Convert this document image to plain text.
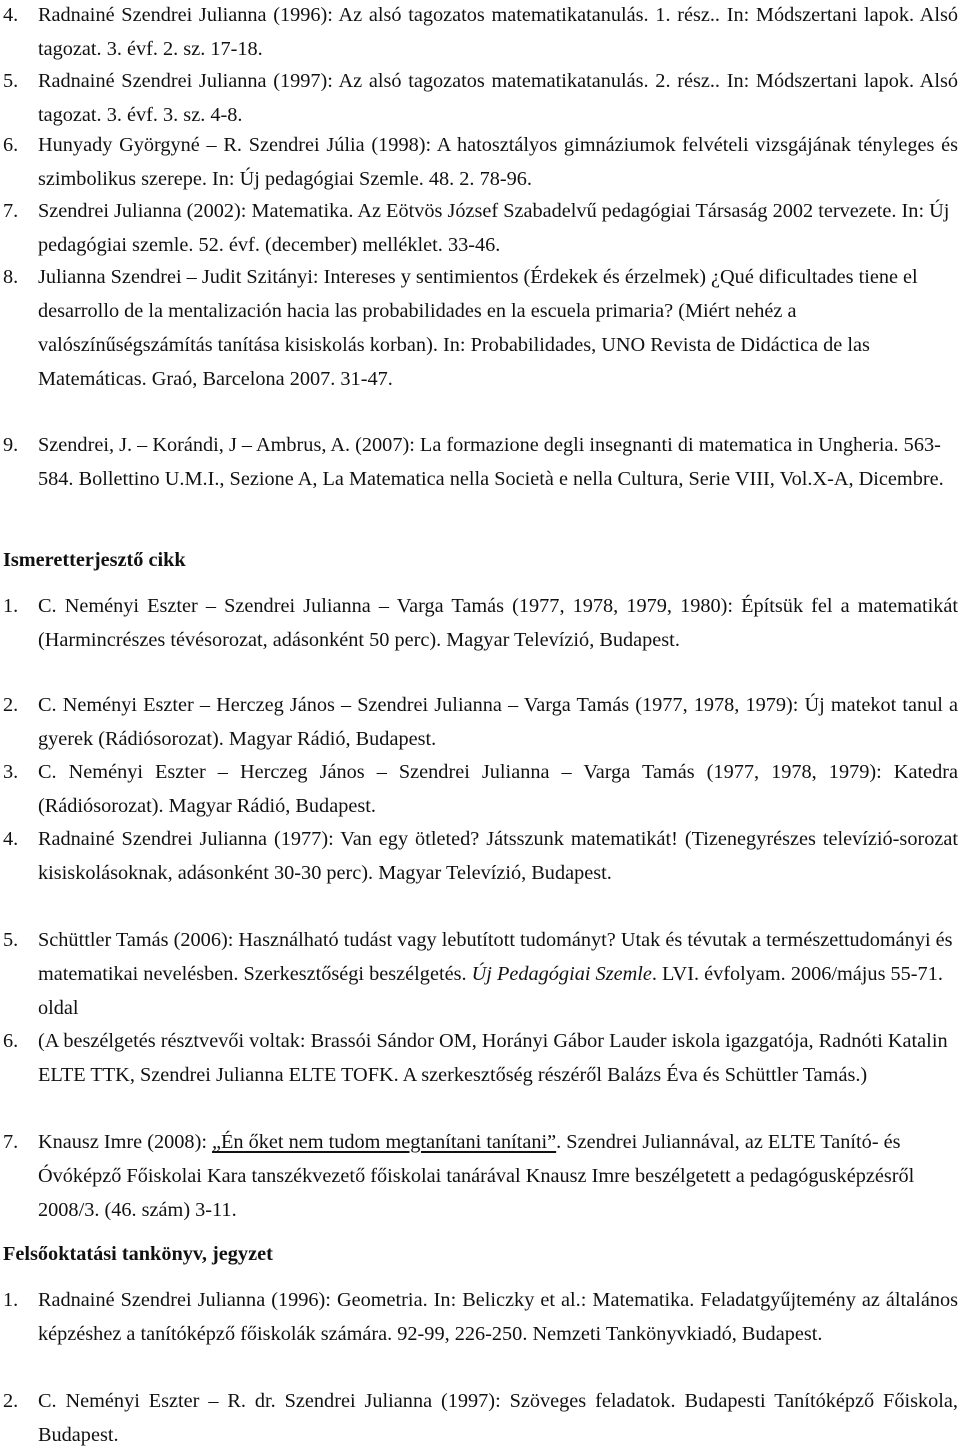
4. Radnainé Szendrei Julianna (1996): Az alsó tagozatos matematikatanulás. 1. rész.. In: Módszertani lapok. Alsó tagozat. 3. évf. 2. sz. 17-18.
5. Radnainé Szendrei Julianna (1997): Az alsó tagozatos matematikatanulás. 2. rész.. In: Módszertani lapok. Alsó tagozat. 3. évf. 3. sz. 4-8.
6. Hunyady Györgyné – R. Szendrei Júlia (1998): A hatosztályos gimnáziumok felvételi vizsgájának tényleges és szimbolikus szerepe. In: Új pedagógiai Szemle. 48. 2. 78-96.
7. Szendrei Julianna (2002): Matematika. Az Eötvös József Szabadelvű pedagógiai Társaság 2002 tervezete. In: Új pedagógiai szemle. 52. évf. (december) melléklet. 33-46.
8. Julianna Szendrei – Judit Szitányi: Intereses y sentimientos (Érdekek és érzelmek) ¿Qué dificultades tiene el desarrollo de la mentalización hacia las probabilidades en la escuela primaria? (Miért nehéz a valószínűségszámítás tanítása kisiskolás korban). In: Probabilidades, UNO Revista de Didáctica de las Matemáticas. Graó, Barcelona 2007. 31-47.
9. Szendrei, J. – Korándi, J – Ambrus, A. (2007): La formazione degli insegnanti di matematica in Ungheria. 563-584. Bollettino U.M.I., Sezione A, La Matematica nella Società e nella Cultura, Serie VIII, Vol.X-A, Dicembre.
Ismeretterjesztő cikk
1. C. Neményi Eszter – Szendrei Julianna – Varga Tamás (1977, 1978, 1979, 1980): Építsük fel a matematikát (Harmincrészes tévésorozat, adásonként 50 perc). Magyar Televízió, Budapest.
2. C. Neményi Eszter – Herczeg János – Szendrei Julianna – Varga Tamás (1977, 1978, 1979): Új matekot tanul a gyerek (Rádiósorozat). Magyar Rádió, Budapest.
3. C. Neményi Eszter – Herczeg János – Szendrei Julianna – Varga Tamás (1977, 1978, 1979): Katedra (Rádiósorozat). Magyar Rádió, Budapest.
4. Radnainé Szendrei Julianna (1977): Van egy ötleted? Játsszunk matematikát! (Tizenegyrészes televízió-sorozat kisiskolásoknak, adásonként 30-30 perc). Magyar Televízió, Budapest.
5. Schüttler Tamás (2006): Használható tudást vagy lebutított tudományt? Utak és tévutak a természettudományi és matematikai nevelésben. Szerkesztőségi beszélgetés. Új Pedagógiai Szemle. LVI. évfolyam. 2006/május 55-71. oldal
6. (A beszélgetés résztvevői voltak: Brassói Sándor OM, Horányi Gábor Lauder iskola igazgatója, Radnóti Katalin ELTE TTK, Szendrei Julianna ELTE TOFK. A szerkesztőség részéről Balázs Éva és Schüttler Tamás.)
7. Knausz Imre (2008): „Én őket nem tudom megtanítani tanítani”. Szendrei Juliannával, az ELTE Tanító- és Óvóképző Főiskolai Kara tanszékvezető főiskolai tanárával Knausz Imre beszélgetett a pedagógusképzésről 2008/3. (46. szám) 3-11.
Felsőoktatási tankönyv, jegyzet
1. Radnainé Szendrei Julianna (1996): Geometria. In: Beliczky et al.: Matematika. Feladatgyűjtemény az általános képzéshez a tanítóképző főiskolák számára. 92-99, 226-250. Nemzeti Tankönyvkiadó, Budapest.
2. C. Neményi Eszter – R. dr. Szendrei Julianna (1997): Szöveges feladatok. Budapesti Tanítóképző Főiskola, Budapest.
